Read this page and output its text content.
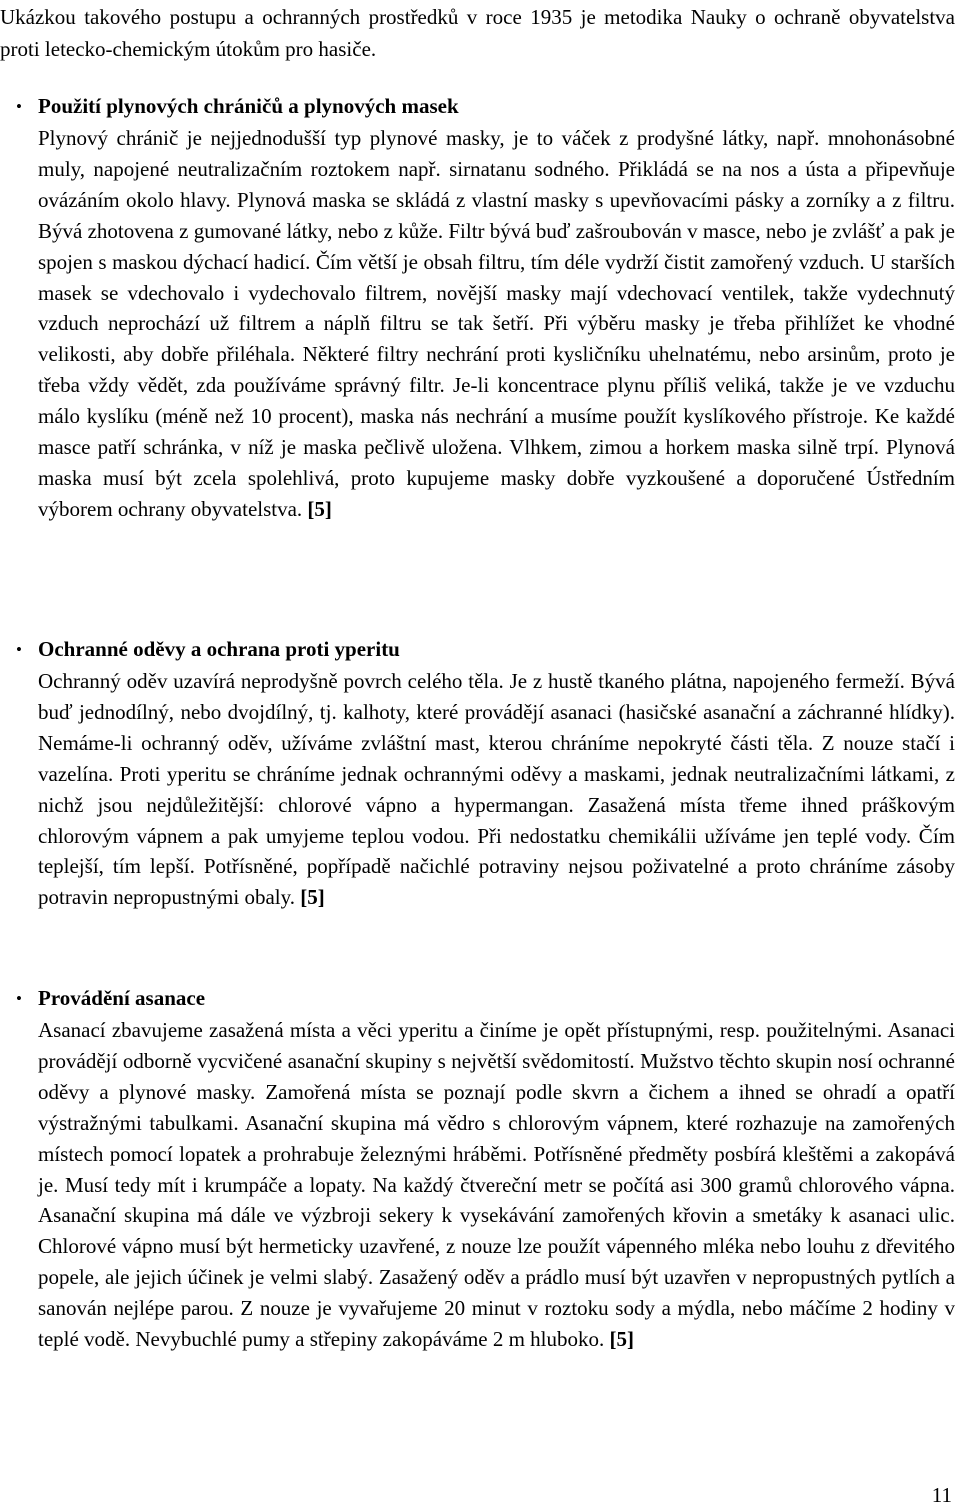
Ukázkou takového postupu a ochranných prostředků v roce 1935 je metodika Nauky o ochraně obyvatelstva proti letecko-chemickým útokům pro hasiče.

• Použití plynových chráničů a plynových masek

Plynový chránič je nejjednodušší typ plynové masky, je to váček z prodyšné látky, např. mnohonásobné muly, napojené neutralizačním roztokem např. sirnatanu sodného. Přikládá se na nos a ústa a připevňuje ovázáním okolo hlavy. Plynová maska se skládá z vlastní masky s upevňovacími pásky a zorníky a z filtru. Bývá zhotovena z gumované látky, nebo z kůže. Filtr bývá buď zašroubován v masce, nebo je zvlášť a pak je spojen s maskou dýchací hadicí. Čím větší je obsah filtru, tím déle vydrží čistit zamořený vzduch. U starších masek se vdechovalo i vydechovalo filtrem, novější masky mají vdechovací ventilek, takže vydechnutý vzduch neprochází už filtrem a náplň filtru se tak šetří. Při výběru masky je třeba přihlížet ke vhodné velikosti, aby dobře přiléhala. Některé filtry nechrání proti kysličníku uhelnatému, nebo arsinům, proto je třeba vždy vědět, zda používáme správný filtr. Je-li koncentrace plynu příliš veliká, takže je ve vzduchu málo kyslíku (méně než 10 procent), maska nás nechrání a musíme použít kyslíkového přístroje. Ke každé masce patří schránka, v níž je maska pečlivě uložena. Vlhkem, zimou a horkem maska silně trpí. Plynová maska musí být zcela spolehlivá, proto kupujeme masky dobře vyzkoušené a doporučené Ústředním výborem ochrany obyvatelstva. [5]

• Ochranné oděvy a ochrana proti yperitu

Ochranný oděv uzavírá neprodyšně povrch celého těla. Je z hustě tkaného plátna, napojeného fermeží. Bývá buď jednodílný, nebo dvojdílný, tj. kalhoty, které provádějí asanaci (hasičské asanační a záchranné hlídky). Nemáme-li ochranný oděv, užíváme zvláštní mast, kterou chráníme nepokryté části těla. Z nouze stačí i vazelína. Proti yperitu se chráníme jednak ochrannými oděvy a maskami, jednak neutralizačními látkami, z nichž jsou nejdůležitější: chlorové vápno a hypermangan. Zasažená místa třeme ihned práškovým chlorovým vápnem a pak umyjeme teplou vodou. Při nedostatku chemikálii užíváme jen teplé vody. Čím teplejší, tím lepší. Potřísněné, popřípadě načichlé potraviny nejsou poživatelné a proto chráníme zásoby potravin nepropustnými obaly. [5]

• Provádění asanace

Asanací zbavujeme zasažená místa a věci yperitu a činíme je opět přístupnými, resp. použitelnými. Asanaci provádějí odborně vycvičené asanační skupiny s největší svědomitostí. Mužstvo těchto skupin nosí ochranné oděvy a plynové masky. Zamořená místa se poznají podle skvrn a čichem a ihned se ohradí a opatří výstražnými tabulkami. Asanační skupina má vědro s chlorovým vápnem, které rozhazuje na zamořených místech pomocí lopatek a prohrabuje železnými hráběmi. Potřísněné předměty posbírá kleštěmi a zakopává je. Musí tedy mít i krumpáče a lopaty. Na každý čtvereční metr se počítá asi 300 gramů chlorového vápna. Asanační skupina má dále ve výzbroji sekery k vysekávání zamořených křovin a smetáky k asanaci ulic. Chlorové vápno musí být hermeticky uzavřené, z nouze lze použít vápenného mléka nebo louhu z dřevitého popele, ale jejich účinek je velmi slabý. Zasažený oděv a prádlo musí být uzavřen v nepropustných pytlích a sanován nejlépe parou. Z nouze je vyvařujeme 20 minut v roztoku sody a mýdla, nebo máčíme 2 hodiny v teplé vodě. Nevybuchlé pumy a střepiny zakopáváme 2 m hluboko. [5]

11
